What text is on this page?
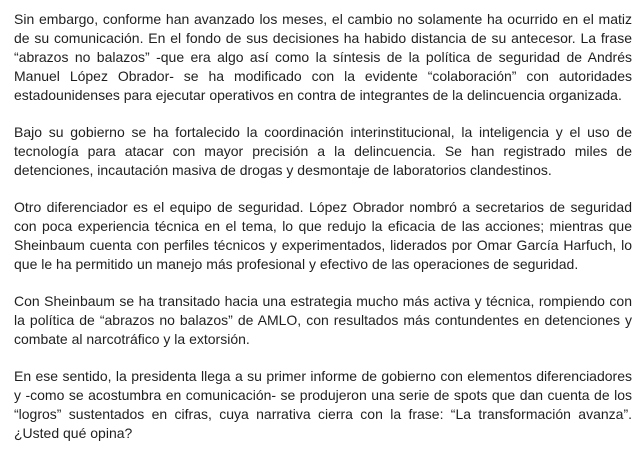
Sin embargo, conforme han avanzado los meses, el cambio no solamente ha ocurrido en el matiz de su comunicación. En el fondo de sus decisiones ha habido distancia de su antecesor. La frase “abrazos no balazos” -que era algo así como la síntesis de la política de seguridad de Andrés Manuel López Obrador- se ha modificado con la evidente “colaboración” con autoridades estadounidenses para ejecutar operativos en contra de integrantes de la delincuencia organizada.

Bajo su gobierno se ha fortalecido la coordinación interinstitucional, la inteligencia y el uso de tecnología para atacar con mayor precisión a la delincuencia. Se han registrado miles de detenciones, incautación masiva de drogas y desmontaje de laboratorios clandestinos.

Otro diferenciador es el equipo de seguridad. López Obrador nombró a secretarios de seguridad con poca experiencia técnica en el tema, lo que redujo la eficacia de las acciones; mientras que Sheinbaum cuenta con perfiles técnicos y experimentados, liderados por Omar García Harfuch, lo que le ha permitido un manejo más profesional y efectivo de las operaciones de seguridad.

Con Sheinbaum se ha transitado hacia una estrategia mucho más activa y técnica, rompiendo con la política de “abrazos no balazos” de AMLO, con resultados más contundentes en detenciones y combate al narcotráfico y la extorsión.

En ese sentido, la presidenta llega a su primer informe de gobierno con elementos diferenciadores y -como se acostumbra en comunicación- se produjeron una serie de spots que dan cuenta de los “logros” sustentados en cifras, cuya narrativa cierra con la frase: “La transformación avanza”. ¿Usted qué opina?
